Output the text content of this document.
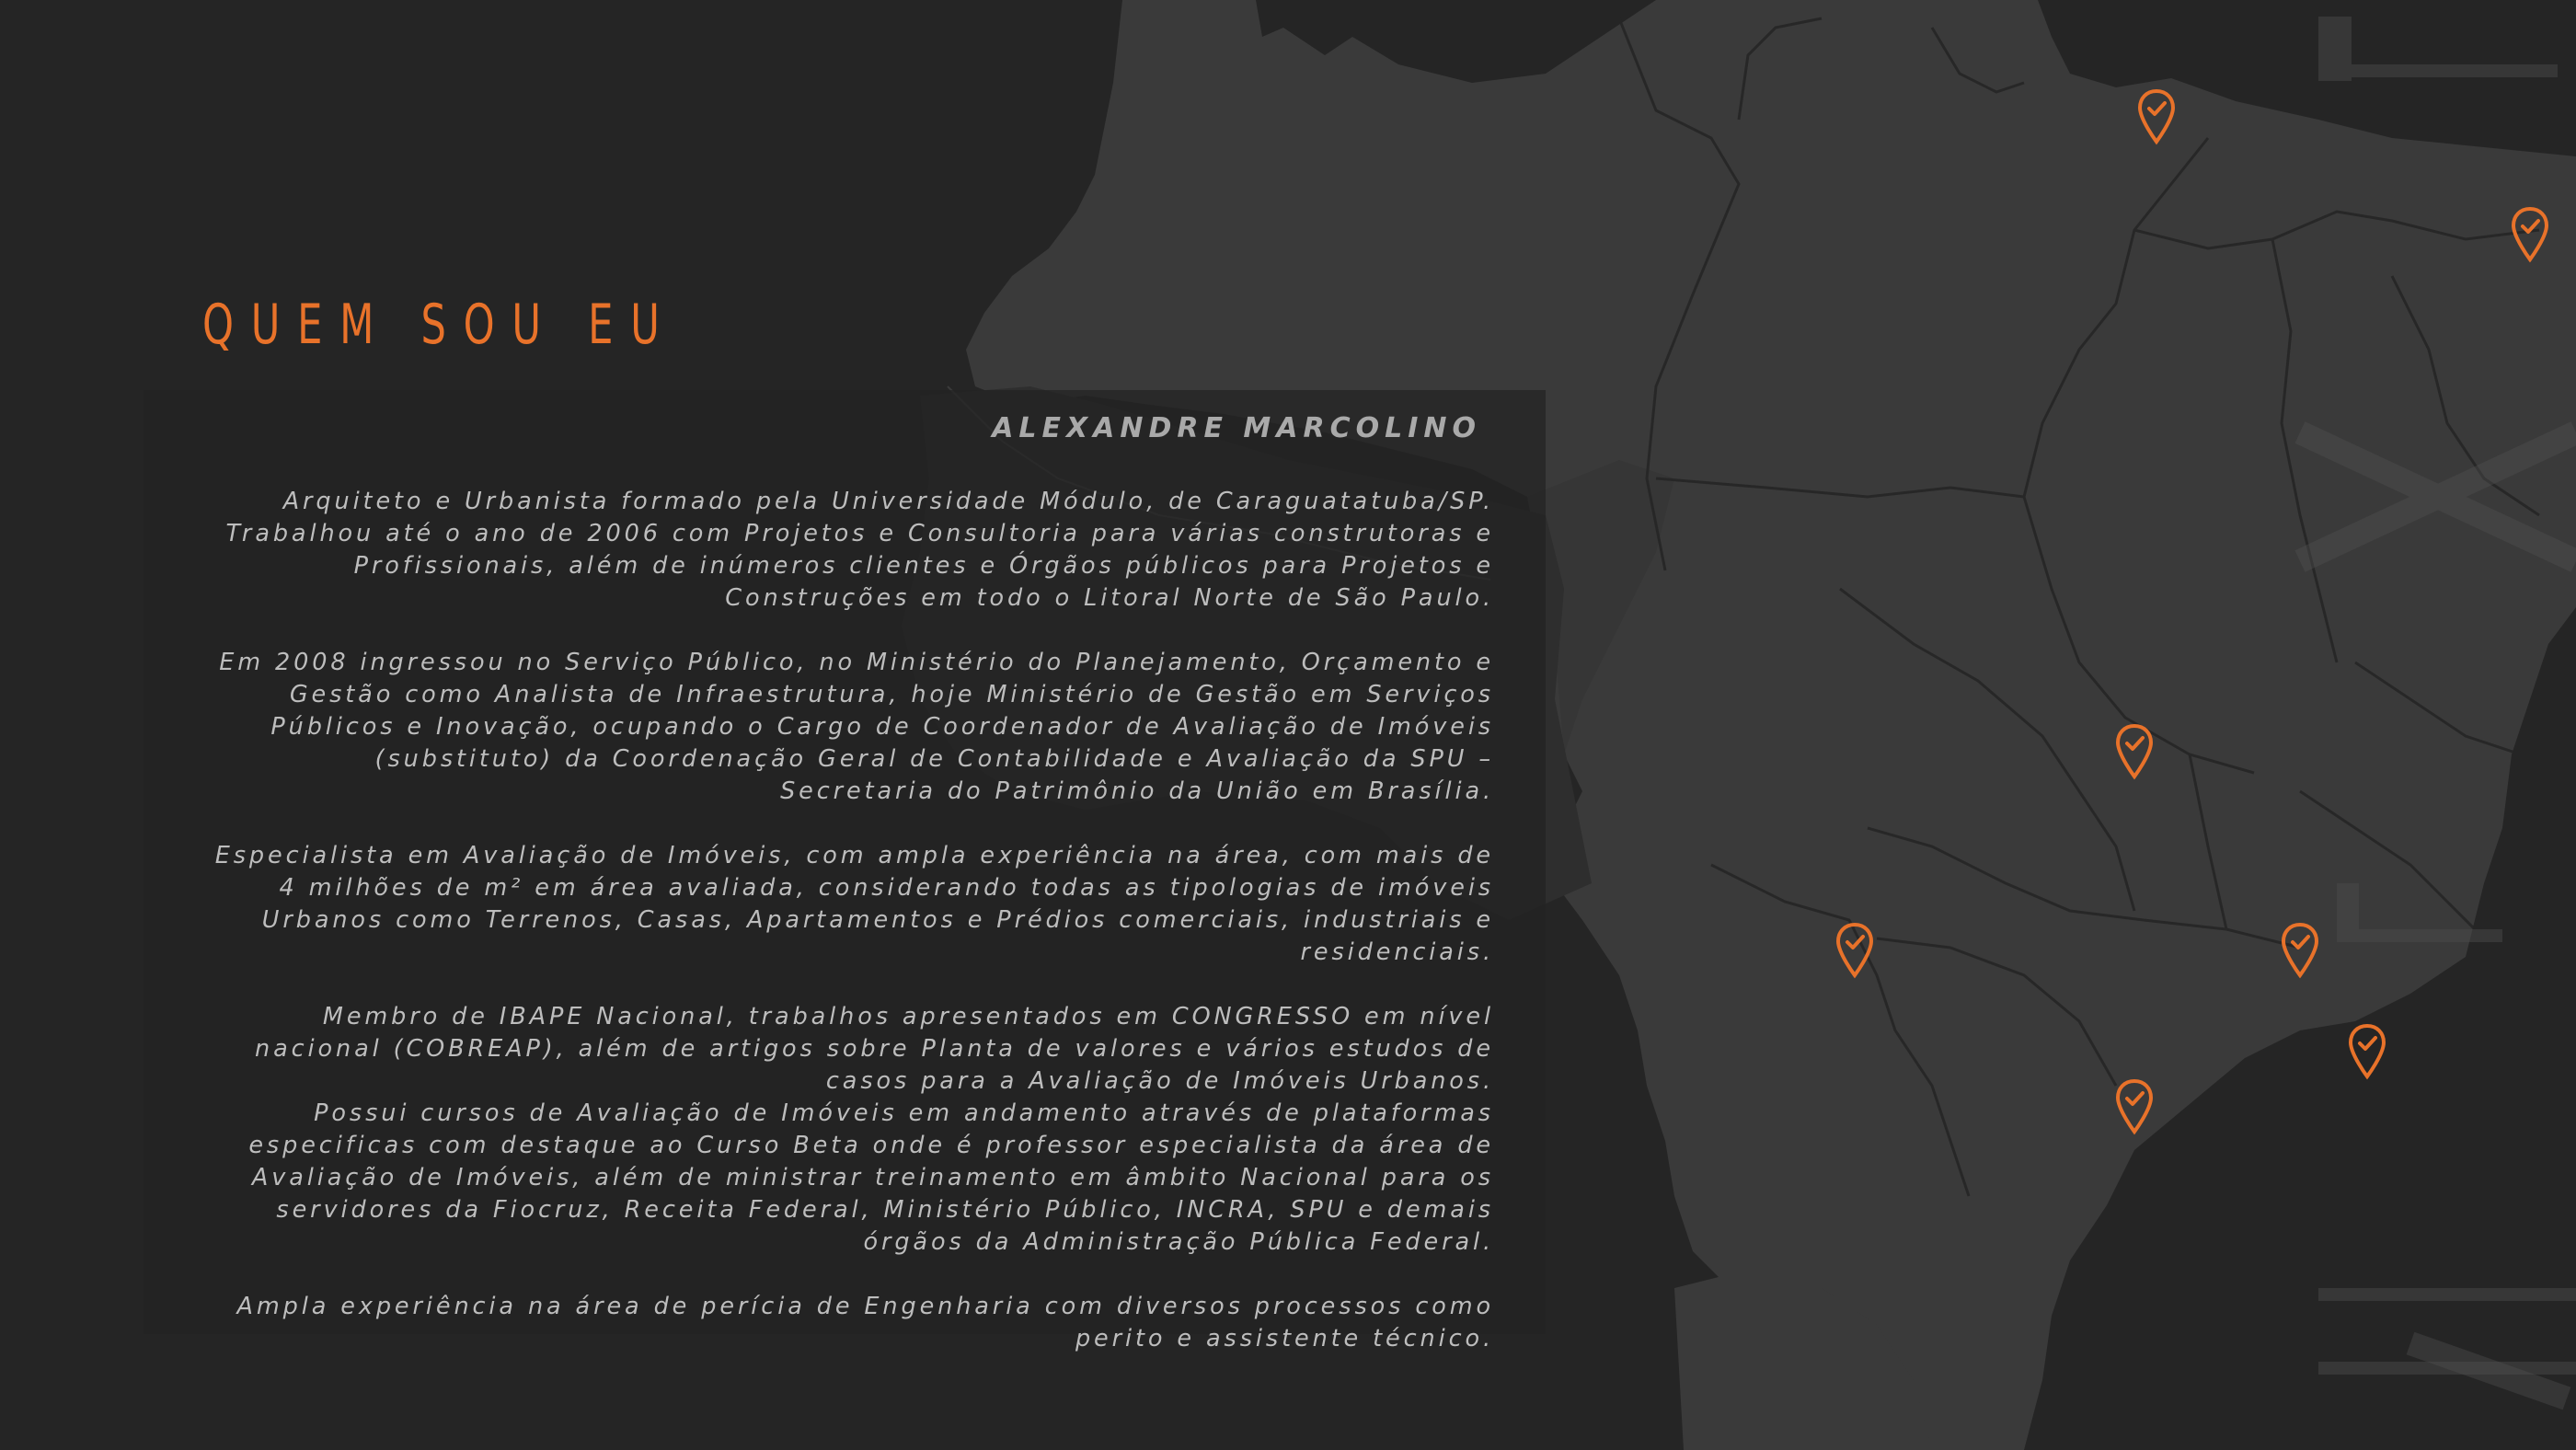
QUEM SOU EU
ALEXANDRE MARCOLINO

Arquiteto e Urbanista formado pela Universidade Módulo, de Caraguatatuba/SP. Trabalhou até o ano de 2006 com Projetos e Consultoria para várias construtoras e Profissionais, além de inúmeros clientes e Órgãos públicos para Projetos e Construções em todo o Litoral Norte de São Paulo.

Em 2008 ingressou no Serviço Público, no Ministério do Planejamento, Orçamento e Gestão como Analista de Infraestrutura, hoje Ministério de Gestão em Serviços Públicos e Inovação, ocupando o Cargo de Coordenador de Avaliação de Imóveis (substituto) da Coordenação Geral de Contabilidade e Avaliação da SPU – Secretaria do Patrimônio da União em Brasília.

Especialista em Avaliação de Imóveis, com ampla experiência na área, com mais de 4 milhões de m² em área avaliada, considerando todas as tipologias de imóveis Urbanos como Terrenos, Casas, Apartamentos e Prédios comerciais, industriais e residenciais.

Membro de IBAPE Nacional, trabalhos apresentados em CONGRESSO em nível nacional (COBREAP), além de artigos sobre Planta de valores e vários estudos de casos para a Avaliação de Imóveis Urbanos.

Possui cursos de Avaliação de Imóveis em andamento através de plataformas especificas com destaque ao Curso Beta onde é professor especialista da área de Avaliação de Imóveis, além de ministrar treinamento em âmbito Nacional para os servidores da Fiocruz, Receita Federal, Ministério Público, INCRA, SPU e demais órgãos da Administração Pública Federal.

Ampla experiência na área de perícia de Engenharia com diversos processos como perito e assistente técnico.
